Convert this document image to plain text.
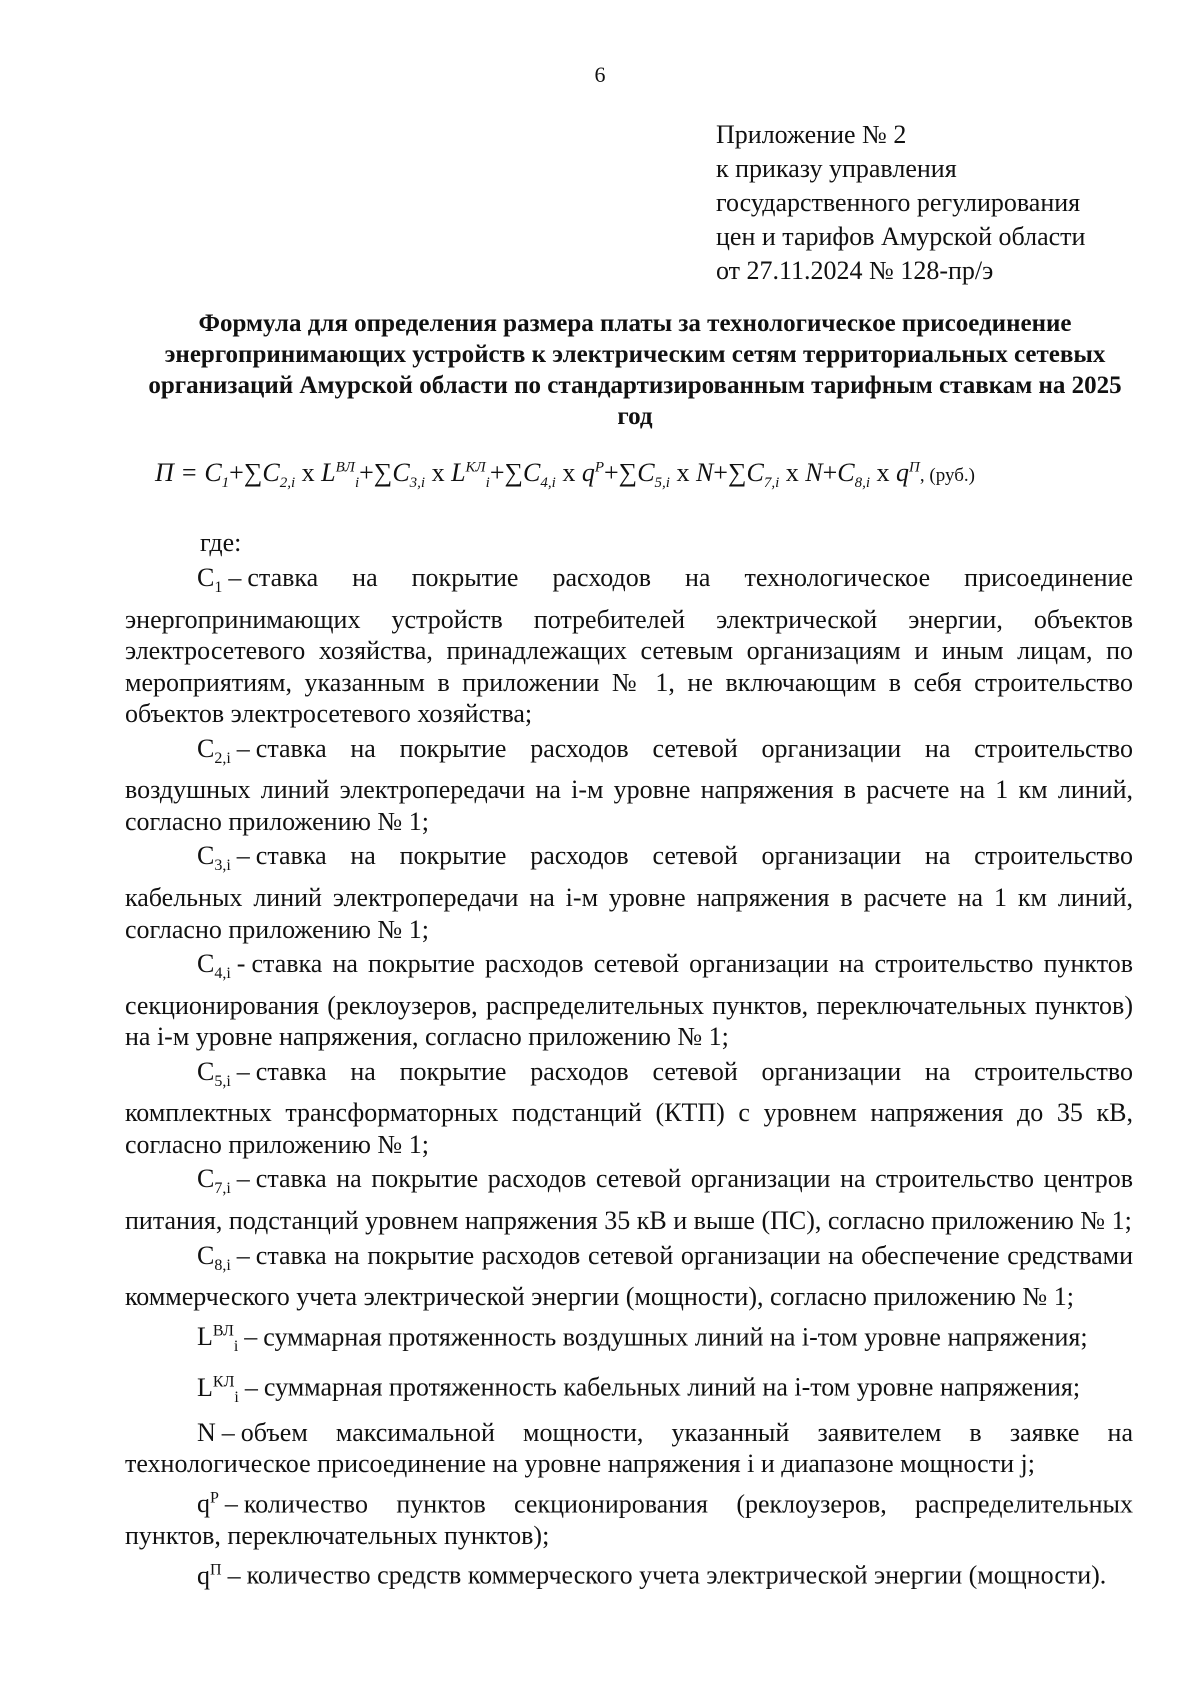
6
Приложение № 2
к приказу управления
государственного регулирования
цен и тарифов Амурской области
от 27.11.2024 № 128-пр/э
Формула для определения размера платы за технологическое присоединение энергопринимающих устройств к электрическим сетям территориальных сетевых организаций Амурской области по стандартизированным тарифным ставкам на 2025 год
$П = C_1+\sum C_{2,i}$ x $L^{ВЛ}_i+\sum C_{3,i}$ x $L^{КЛ}_i+\sum C_{4,i}$ x $q^P+\sum C_{5,i}$ x $N+\sum C_{7,i}$ x $N+C_{8,i}$ x $q^П$, (руб.)
где:

$C_1$ – ставка на покрытие расходов на технологическое присоединение энергопринимающих устройств потребителей электрической энергии, объектов электросетевого хозяйства, принадлежащих сетевым организациям и иным лицам, по мероприятиям, указанным в приложении № 1, не включающим в себя строительство объектов электросетевого хозяйства;

$C_{2,i}$ – ставка на покрытие расходов сетевой организации на строительство воздушных линий электропередачи на i-м уровне напряжения в расчете на 1 км линий, согласно приложению № 1;

$C_{3,i}$ – ставка на покрытие расходов сетевой организации на строительство кабельных линий электропередачи на i-м уровне напряжения в расчете на 1 км линий, согласно приложению № 1;

$C_{4,i}$ - ставка на покрытие расходов сетевой организации на строительство пунктов секционирования (реклоузеров, распределительных пунктов, переключательных пунктов) на i-м уровне напряжения, согласно приложению № 1;

$C_{5,i}$ – ставка на покрытие расходов сетевой организации на строительство комплектных трансформаторных подстанций (КТП) с уровнем напряжения до 35 кВ, согласно приложению № 1;

$C_{7,i}$ – ставка на покрытие расходов сетевой организации на строительство центров питания, подстанций уровнем напряжения 35 кВ и выше (ПС), согласно приложению № 1;

$C_{8,i}$ – ставка на покрытие расходов сетевой организации на обеспечение средствами коммерческого учета электрической энергии (мощности), согласно приложению № 1;

$L^{ВЛ}_i$ – суммарная протяженность воздушных линий на i-том уровне напряжения;

$L^{КЛ}_i$ – суммарная протяженность кабельных линий на i-том уровне напряжения;

N – объем максимальной мощности, указанный заявителем в заявке на технологическое присоединение на уровне напряжения i и диапазоне мощности j;

$q^P$ – количество пунктов секционирования (реклоузеров, распределительных пунктов, переключательных пунктов);

$q^П$ – количество средств коммерческого учета электрической энергии (мощности).
